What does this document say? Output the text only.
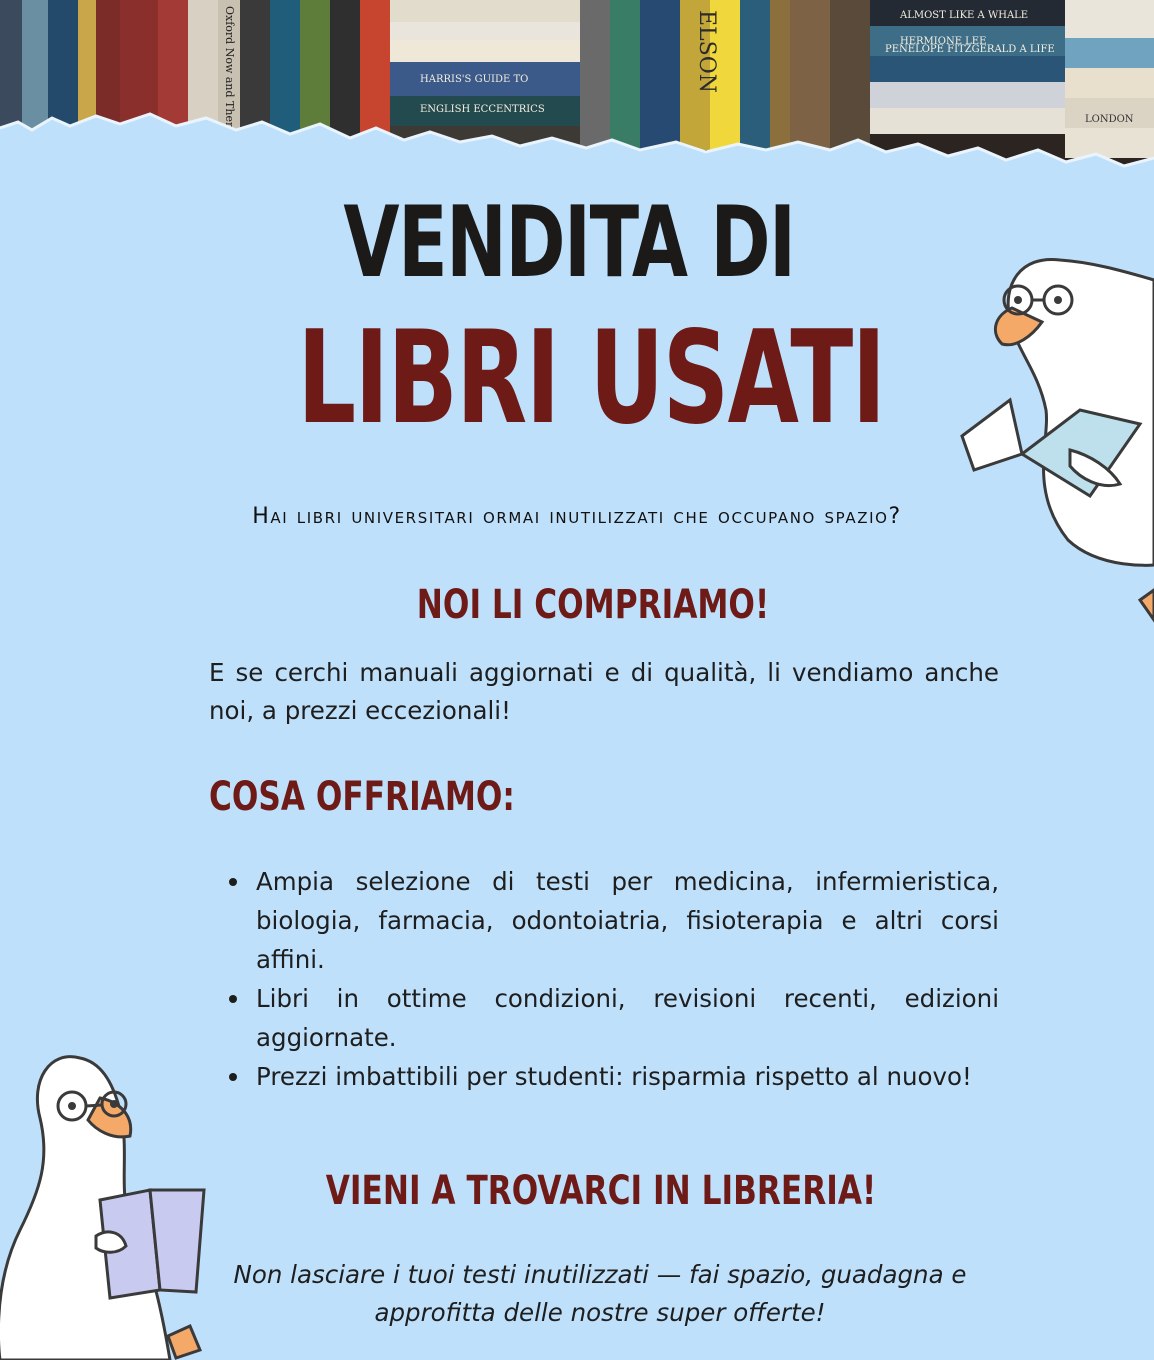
ALMOST LIKE A WHALE
HERMIONE LEE
PENELOPE FITZGERALD A LIFE
ENGLISH ECCENTRICS
HARRIS'S GUIDE TO
LONDON
ELSON
Oxford Now and Then
VENDITA DI
LIBRI USATI

Hai libri universitari ormai inutilizzati che occupano spazio?

NOI LI COMPRIAMO!

E se cerchi manuali aggiornati e di qualità, li vendiamo anche noi, a prezzi eccezionali!

COSA OFFRIAMO:
Ampia selezione di testi per medicina, infermieristica, biologia, farmacia, odontoiatria, fisioterapia e altri corsi affini.
Libri in ottime condizioni, revisioni recenti, edizioni aggiornate.
Prezzi imbattibili per studenti: risparmia rispetto al nuovo!
VIENI A TROVARCI IN LIBRERIA!

Non lasciare i tuoi testi inutilizzati — fai spazio, guadagna e approfitta delle nostre super offerte!
